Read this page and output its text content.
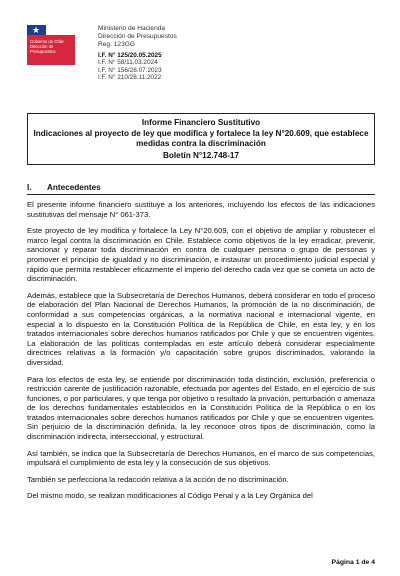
★
Gobierno de Chile Dirección de Presupuestos
Ministerio de Hacienda
Dirección de Presupuestos
Reg. 123GG
I.F. N° 125/20.05.2025
I.F. N° 58/11.03.2024
I.F. N° 156/28.07.2023
I.F. N° 210/28.11.2022
Informe Financiero Sustitutivo
Indicaciones al proyecto de ley que modifica y fortalece la ley N°20.609, que establece medidas contra la discriminación
Boletín N°12.748-17
I. Antecedentes

El presente informe financiero sustituye a los anteriores, incluyendo los efectos de las indicaciones sustitutivas del mensaje N° 061-373.

Este proyecto de ley modifica y fortalece la Ley N°20.609, con el objetivo de ampliar y robustecer el marco legal contra la discriminación en Chile. Establece como objetivos de la ley erradicar, prevenir, sancionar y reparar toda discriminación en contra de cualquier persona o grupo de personas y promover el principio de igualdad y no discriminación, e instaurar un procedimiento judicial especial y rápido que permita restablecer eficazmente el imperio del derecho cada vez que se cometa un acto de discriminación.

Además, establece que la Subsecretaría de Derechos Humanos, deberá considerar en todo el proceso de elaboración del Plan Nacional de Derechos Humanos, la promoción de la no discriminación, de conformidad a sus competencias orgánicas, a la normativa nacional e internacional vigente, en especial a lo dispuesto en la Constitución Política de la República de Chile, en esta ley, y en los tratados internacionales sobre derechos humanos ratificados por Chile y que se encuentren vigentes. La elaboración de las políticas contempladas en este artículo deberá considerar especialmente directrices relativas a la formación y/o capacitación sobre grupos discriminados, valorando la diversidad.

Para los efectos de esta ley, se entiende por discriminación toda distinción, exclusión, preferencia o restricción carente de justificación razonable, efectuada por agentes del Estado, en el ejercicio de sus funciones, o por particulares, y que tenga por objetivo o resultado la privación, perturbación o amenaza de los derechos fundamentales establecidos en la Constitución Política de la República o en los tratados internacionales sobre derechos humanos ratificados por Chile y que se encuentren vigentes. Sin perjuicio de la discriminación definida, la ley reconoce otros tipos de discriminación, como la discriminación indirecta, interseccional, y estructural.

Así también, se indica que la Subsecretaría de Derechos Humanos, en el marco de sus competencias, impulsará el cumplimiento de esta ley y la consecución de sus objetivos.

También se perfecciona la redacción relativa a la acción de no discriminación.

Del mismo modo, se realizan modificaciones al Código Penal y a la Ley Orgánica del

Página 1 de 4
